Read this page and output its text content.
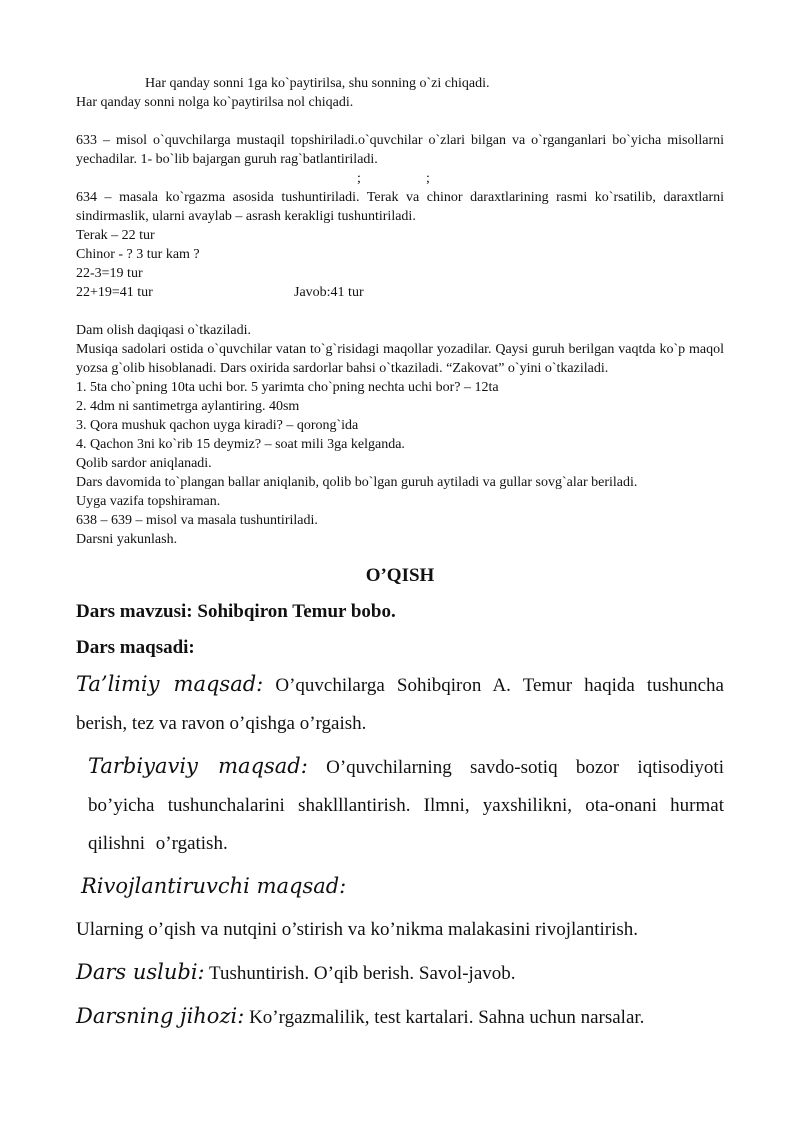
Har qanday sonni 1ga ko`paytirilsa, shu sonning o`zi chiqadi.
Har qanday sonni nolga ko`paytirilsa nol chiqadi.
633 – misol o`quvchilarga mustaqil topshiriladi.o`quvchilar o`zlari bilgan va o`rganganlari bo`yicha misollarni yechadilar. 1- bo`lib bajargan guruh rag`batlantiriladi.
;	;
634 – masala ko`rgazma asosida tushuntiriladi. Terak va chinor daraxtlarining rasmi ko`rsatilib, daraxtlarni sindirmaslik, ularni avaylab – asrash kerakligi tushuntiriladi.
Terak – 22 tur
Chinor - ? 3 tur kam ?
22-3=19 tur
22+19=41 tur	Javob:41 tur
Dam olish daqiqasi o`tkaziladi.
Musiqa sadolari ostida o`quvchilar vatan to`g`risidagi maqollar yozadilar. Qaysi guruh berilgan vaqtda ko`p maqol yozsa g`olib hisoblanadi. Dars oxirida sardorlar bahsi o`tkaziladi. “Zakovat” o`yini o`tkaziladi.
1. 5ta cho`pning 10ta uchi bor. 5 yarimta cho`pning nechta uchi bor? – 12ta
2. 4dm ni santimetrga aylantiring. 40sm
3. Qora mushuk qachon uyga kiradi? – qorong`ida
4. Qachon 3ni ko`rib 15 deymiz? – soat mili 3ga kelganda.
Qolib sardor aniqlanadi.
Dars davomida to`plangan ballar aniqlanib, qolib bo`lgan guruh aytiladi va gullar sovg`alar beriladi.
Uyga vazifa topshiraman.
638 – 639 – misol va masala tushuntiriladi.
Darsni yakunlash.
O’QISH
Dars mavzusi: Sohibqiron Temur bobo.
Dars maqsadi:
Ta’limiy maqsad: O’quvchilarga Sohibqiron A. Temur haqida tushuncha berish, tez va ravon o’qishga o’rgaish.
Tarbiyaviy maqsad: O’quvchilarning savdo-sotiq bozor iqtisodiyoti bo’yicha tushunchalarini shaklllantirish. Ilmni, yaxshilikni, ota-onani hurmat qilishni o’rgatish.
Rivojlantiruvchi maqsad:
Ularning o’qish va nutqini o’stirish va ko’nikma malakasini rivojlantirish.
Dars uslubi: Tushuntirish. O’qib berish. Savol-javob.
Darsning jihozi: Ko’rgazmalilik, test kartalari. Sahna uchun narsalar.
